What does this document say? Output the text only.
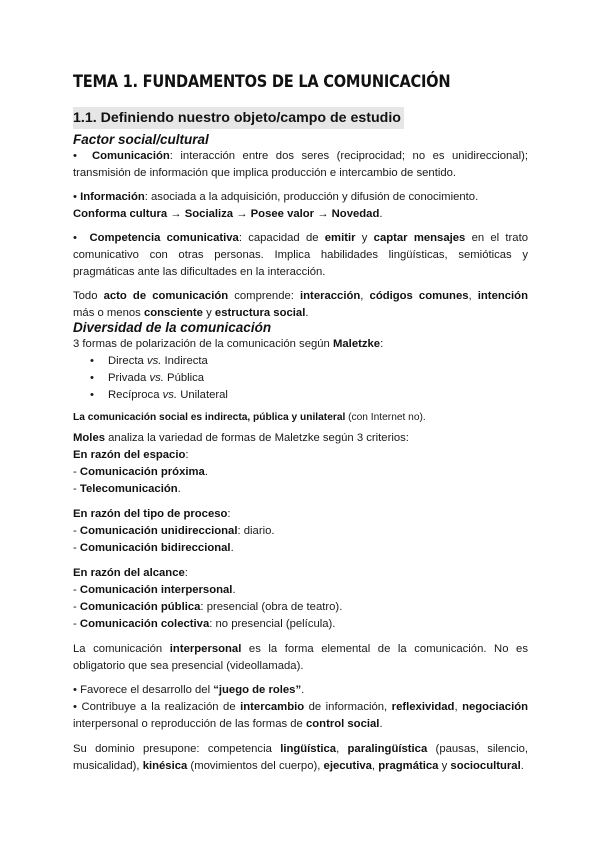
TEMA 1. FUNDAMENTOS DE LA COMUNICACIÓN
1.1. Definiendo nuestro objeto/campo de estudio
Factor social/cultural

•  Comunicación: interacción entre dos seres (reciprocidad; no es unidireccional); transmisión de información que implica producción e intercambio de sentido.

• Información: asociada a la adquisición, producción y difusión de conocimiento.

Conforma cultura → Socializa → Posee valor → Novedad.

•  Competencia comunicativa: capacidad de emitir y captar mensajes en el trato comunicativo con otras personas. Implica habilidades lingüísticas, semióticas y pragmáticas ante las dificultades en la interacción.

Todo acto de comunicación comprende: interacción, códigos comunes, intención más o menos consciente y estructura social.

Diversidad de la comunicación

3 formas de polarización de la comunicación según Maletzke:

• Directa vs. Indirecta
• Privada vs. Pública
• Recíproca vs. Unilateral

La comunicación social es indirecta, pública y unilateral (con Internet no).

Moles analiza la variedad de formas de Maletzke según 3 criterios:

En razón del espacio:

- Comunicación próxima.

- Telecomunicación.

En razón del tipo de proceso:

- Comunicación unidireccional: diario.

- Comunicación bidireccional.

En razón del alcance:

- Comunicación interpersonal.

- Comunicación pública: presencial (obra de teatro).

- Comunicación colectiva: no presencial (película).

La comunicación interpersonal es la forma elemental de la comunicación. No es obligatorio que sea presencial (videollamada).

• Favorece el desarrollo del “juego de roles”.

• Contribuye a la realización de intercambio de información, reflexividad, negociación interpersonal o reproducción de las formas de control social.

Su dominio presupone: competencia lingüística, paralingüística (pausas, silencio, musicalidad), kinésica (movimientos del cuerpo), ejecutiva, pragmática y sociocultural.
